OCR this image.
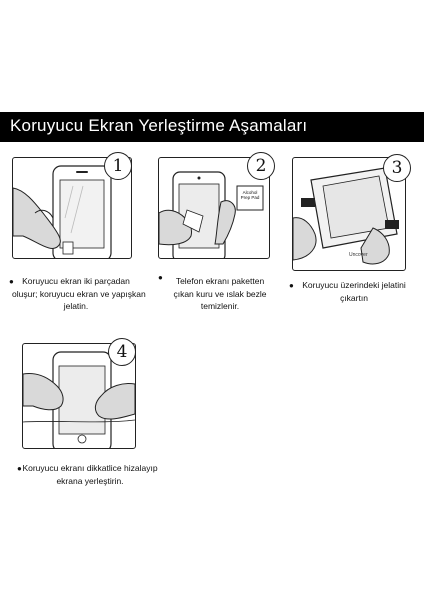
Koruyucu Ekran Yerleştirme Aşamaları
1
● Koruyucu ekran iki parçadan
oluşur; koruyucu ekran ve yapışkan
jelatin.
Alcohol
Prep Pad
2
●	Telefon ekranı paketten
çıkan kuru ve ıslak bezle
temizlenir.
Uncover
3
● Koruyucu üzerindeki jelatini
çıkartın
4
● Koruyucu ekranı dikkatlice hizalayıp
ekrana yerleştirin.
